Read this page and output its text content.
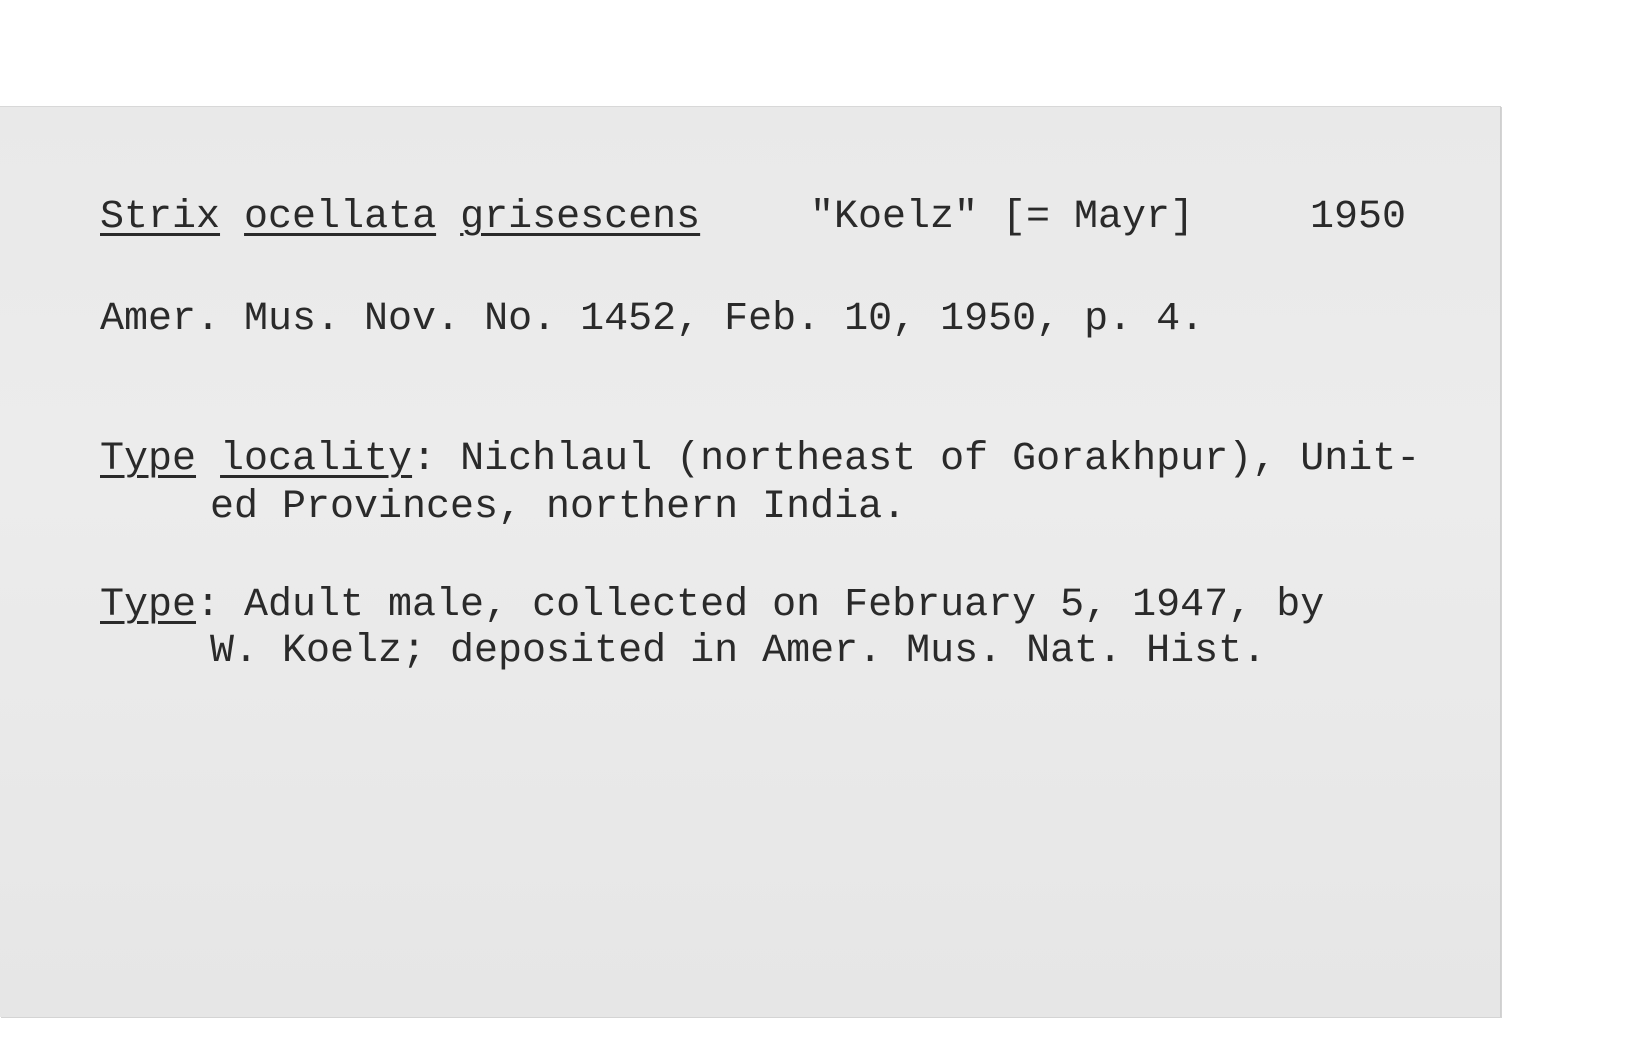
Strix ocellata grisescens	"Koelz" [= Mayr]	1950

Amer. Mus. Nov. No. 1452, Feb. 10, 1950, p. 4.

Type locality: Nichlaul (northeast of Gorakhpur), Unit-

ed Provinces, northern India.

Type: Adult male, collected on February 5, 1947, by

W. Koelz; deposited in Amer. Mus. Nat. Hist.
